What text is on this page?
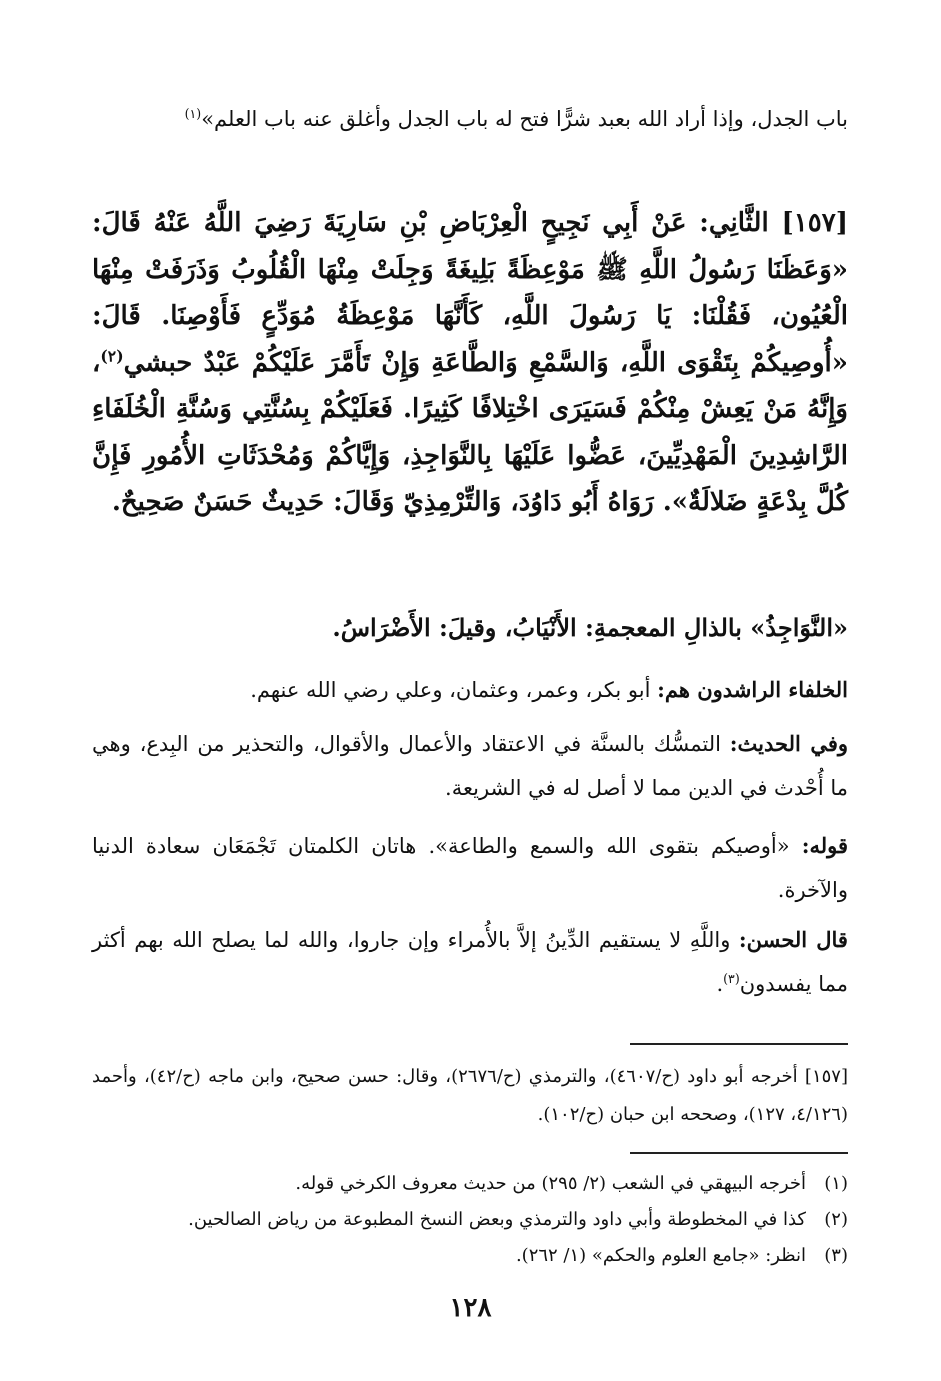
باب الجدل، وإذا أراد الله بعبد شرًّا فتح له باب الجدل وأغلق عنه باب العلم»$^{(١)}$

[١٥٧] الثَّانِي: عَنْ أَبِي نَجِيحٍ الْعِرْبَاضِ بْنِ سَارِيَةَ رَضِيَ اللَّهُ عَنْهُ قَالَ: «وَعَظَنَا رَسُولُ اللَّهِ ﷺ مَوْعِظَةً بَلِيغَةً وَجِلَتْ مِنْهَا الْقُلُوبُ وَذَرَفَتْ مِنْهَا الْعُيُون، فَقُلْنَا: يَا رَسُولَ اللَّهِ، كَأَنَّهَا مَوْعِظَةُ مُوَدِّعٍ فَأَوْصِنَا. قَالَ: «أُوصِيكُمْ بِتَقْوَى اللَّهِ، وَالسَّمْعِ وَالطَّاعَةِ وَإِنْ تَأَمَّرَ عَلَيْكُمْ عَبْدٌ حبشي$^{(٢)}$، وَإِنَّهُ مَنْ يَعِشْ مِنْكُمْ فَسَيَرَى اخْتِلافًا كَثِيرًا. فَعَلَيْكُمْ بِسُنَّتِي وَسُنَّةِ الْخُلَفَاءِ الرَّاشِدِينَ الْمَهْدِيِّينَ، عَضُّوا عَلَيْهَا بِالنَّوَاجِذِ، وَإِيَّاكُمْ وَمُحْدَثَاتِ الأُمُورِ فَإِنَّ كُلَّ بِدْعَةٍ ضَلالَةٌ». رَوَاهُ أَبُو دَاوُدَ، وَالتِّرْمِذِيّ وَقَالَ: حَدِيثٌ حَسَنٌ صَحِيحٌ.

«النَّوَاجِذُ» بالذالِ المعجمةِ: الأَنْيَابُ، وقيلَ: الأَضْرَاسُ.

الخلفاء الراشدون هم: أبو بكر، وعمر، وعثمان، وعلي رضي الله عنهم.

وفي الحديث: التمسُّك بالسنَّة في الاعتقاد والأعمال والأقوال، والتحذير من البِدع، وهي ما أُحْدث في الدين مما لا أصل له في الشريعة.

قوله: «أوصيكم بتقوى الله والسمع والطاعة». هاتان الكلمتان تَجْمَعَان سعادة الدنيا والآخرة.

قال الحسن: واللَّهِ لا يستقيم الدِّينُ إلاَّ بالأُمراء وإن جاروا، والله لما يصلح الله بهم أكثر مما يفسدون$^{(٣)}$.

[١٥٧] أخرجه أبو داود (ح/٤٦٠٧)، والترمذي (ح/٢٦٧٦)، وقال: حسن صحيح، وابن ماجه (ح/٤٢)، وأحمد (٤/١٢٦، ١٢٧)، وصححه ابن حبان (ح/١٠٢).

(١)أخرجه البيهقي في الشعب (٢/ ٢٩٥) من حديث معروف الكرخي قوله.
(٢)كذا في المخطوطة وأبي داود والترمذي وبعض النسخ المطبوعة من رياض الصالحين.
(٣)انظر: «جامع العلوم والحكم» (١/ ٢٦٢).
١٢٨
